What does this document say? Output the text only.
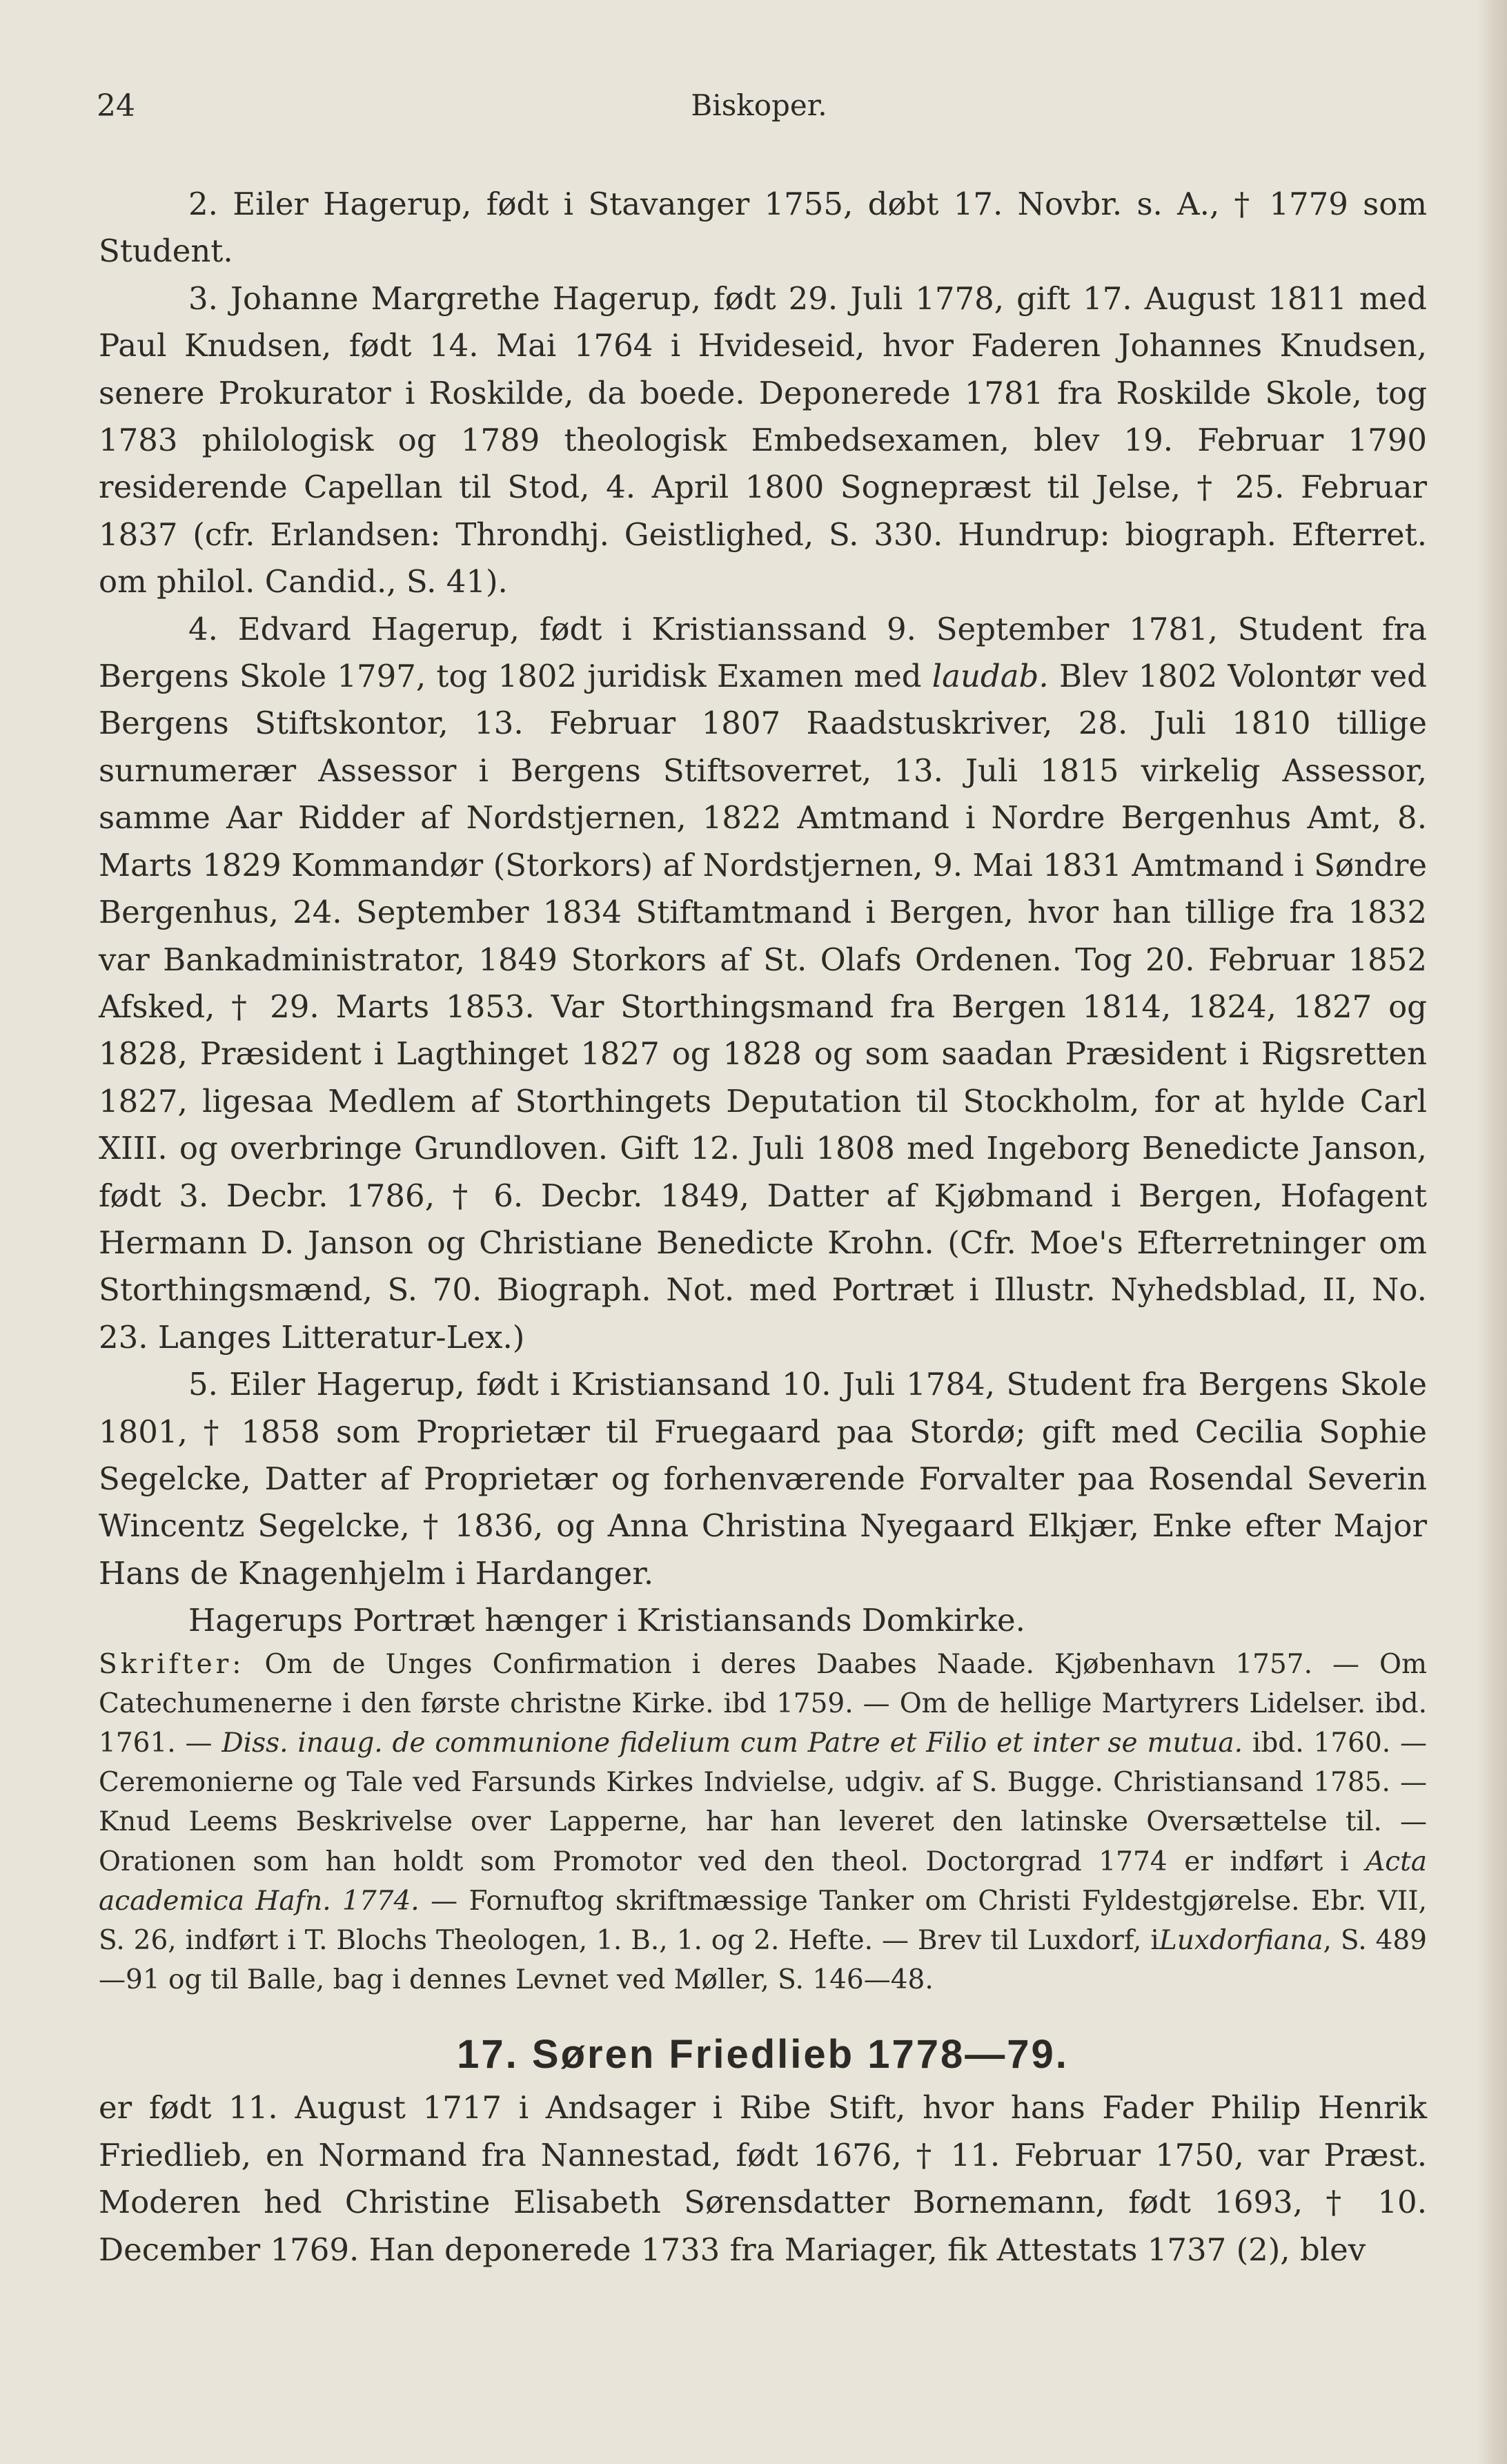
24	Biskoper.

2. Eiler Hagerup, født i Stavanger 1755, døbt 17. Novbr. s. A., † 1779 som Student.

3. Johanne Margrethe Hagerup, født 29. Juli 1778, gift 17. August 1811 med Paul Knudsen, født 14. Mai 1764 i Hvideseid, hvor Faderen Johannes Knudsen, senere Prokurator i Roskilde, da boede. Deponerede 1781 fra Roskilde Skole, tog 1783 philologisk og 1789 theologisk Embedsexamen, blev 19. Februar 1790 residerende Capellan til Stod, 4. April 1800 Sognepræst til Jelse, † 25. Februar 1837 (cfr. Erlandsen: Throndhj. Geistlighed, S. 330. Hundrup: biograph. Efterret. om philol. Candid., S. 41).

4. Edvard Hagerup, født i Kristianssand 9. September 1781, Student fra Bergens Skole 1797, tog 1802 juridisk Examen med laudab. Blev 1802 Volontør ved Bergens Stiftskontor, 13. Februar 1807 Raadstuskriver, 28. Juli 1810 tillige surnumerær Assessor i Bergens Stiftsoverret, 13. Juli 1815 virkelig Assessor, samme Aar Ridder af Nordstjernen, 1822 Amtmand i Nordre Bergenhus Amt, 8. Marts 1829 Kommandør (Storkors) af Nordstjernen, 9. Mai 1831 Amtmand i Søndre Bergenhus, 24. September 1834 Stiftamtmand i Bergen, hvor han tillige fra 1832 var Bankadministrator, 1849 Storkors af St. Olafs Ordenen. Tog 20. Februar 1852 Afsked, † 29. Marts 1853. Var Storthingsmand fra Bergen 1814, 1824, 1827 og 1828, Præsident i Lagthinget 1827 og 1828 og som saadan Præsident i Rigsretten 1827, ligesaa Medlem af Storthingets Deputation til Stockholm, for at hylde Carl XIII. og overbringe Grundloven. Gift 12. Juli 1808 med Ingeborg Benedicte Janson, født 3. Decbr. 1786, † 6. Decbr. 1849, Datter af Kjøbmand i Bergen, Hofagent Hermann D. Janson og Christiane Benedicte Krohn. (Cfr. Moe's Efterretninger om Storthingsmænd, S. 70. Biograph. Not. med Portræt i Illustr. Nyhedsblad, II, No. 23. Langes Litteratur-Lex.)

5. Eiler Hagerup, født i Kristiansand 10. Juli 1784, Student fra Bergens Skole 1801, † 1858 som Proprietær til Fruegaard paa Stordø; gift med Cecilia Sophie Segelcke, Datter af Proprietær og forhenværende Forvalter paa Rosendal Severin Wincentz Segelcke, † 1836, og Anna Christina Nyegaard Elkjær, Enke efter Major Hans de Knagenhjelm i Hardanger.

Hagerups Portræt hænger i Kristiansands Domkirke.

Skrifter: Om de Unges Confirmation i deres Daabes Naade. Kjøbenhavn 1757. — Om Catechumenerne i den første christne Kirke. ibd 1759. — Om de hellige Martyrers Lidelser. ibd. 1761. — Diss. inaug. de communione fidelium cum Patre et Filio et inter se mutua. ibd. 1760. — Ceremonierne og Tale ved Farsunds Kirkes Indvielse, udgiv. af S. Bugge. Christiansand 1785. — Knud Leems Beskrivelse over Lapperne, har han leveret den latinske Oversættelse til. — Orationen som han holdt som Promotor ved den theol. Doctorgrad 1774 er indført i Acta academica Hafn. 1774. — Fornuftog skriftmæssige Tanker om Christi Fyldestgjørelse. Ebr. VII, S. 26, indført i T. Blochs Theologen, 1. B., 1. og 2. Hefte. — Brev til Luxdorf, iLuxdorfiana, S. 489—91 og til Balle, bag i dennes Levnet ved Møller, S. 146—48.

17. Søren Friedlieb 1778—79.

er født 11. August 1717 i Andsager i Ribe Stift, hvor hans Fader Philip Henrik Friedlieb, en Normand fra Nannestad, født 1676, † 11. Februar 1750, var Præst. Moderen hed Christine Elisabeth Sørensdatter Bornemann, født 1693, † 10. December 1769. Han deponerede 1733 fra Mariager, fik Attestats 1737 (2), blev
